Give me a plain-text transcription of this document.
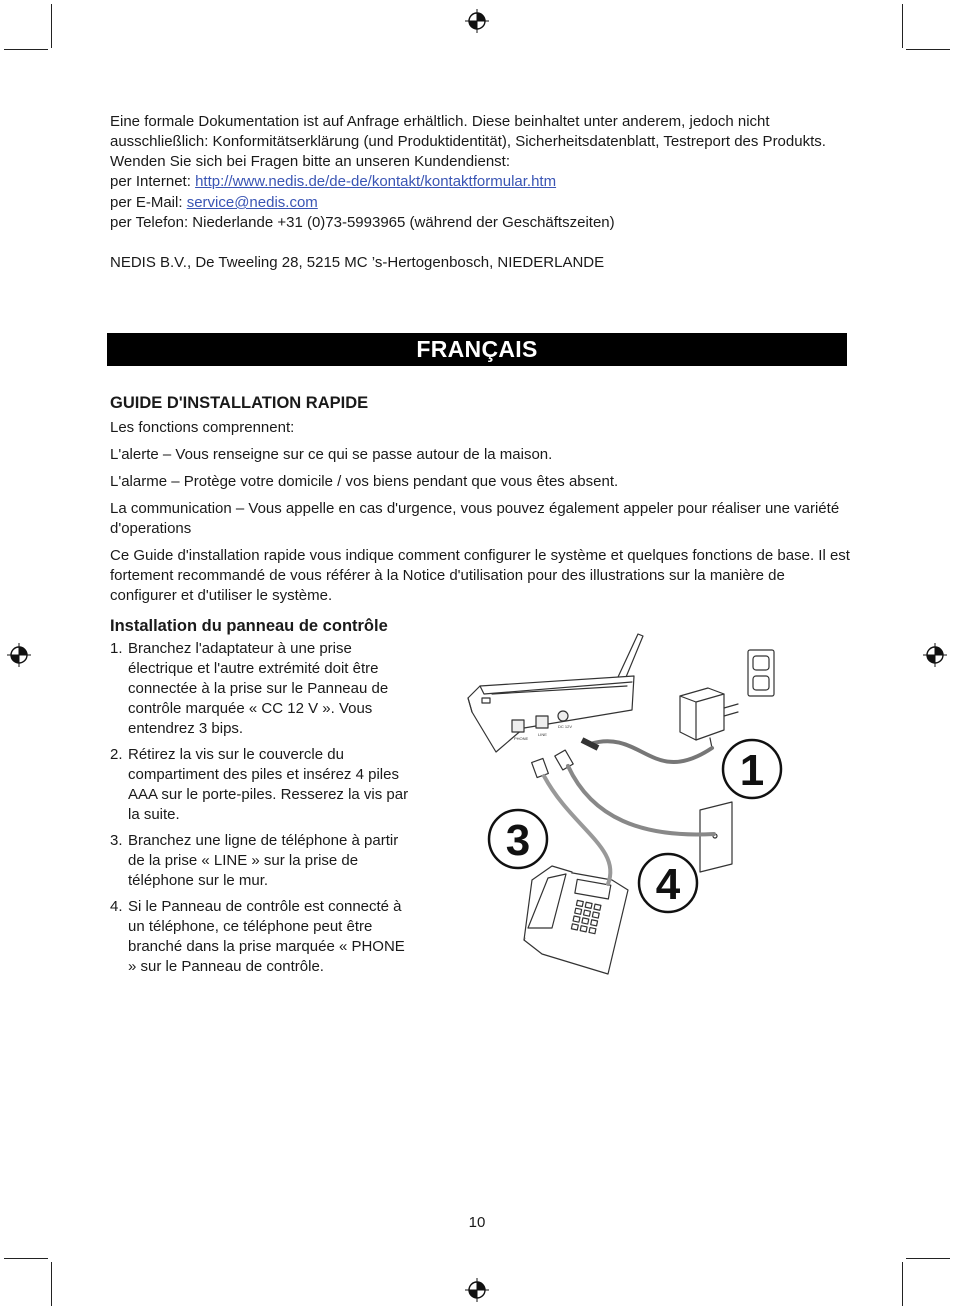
Eine formale Dokumentation ist auf Anfrage erhältlich. Diese beinhaltet unter anderem, jedoch nicht ausschließlich: Konformitätserklärung (und Produktidentität), Sicherheitsdatenblatt, Testreport des Produkts.

Wenden Sie sich bei Fragen bitte an unseren Kundendienst:

per Internet: http://www.nedis.de/de-de/kontakt/kontaktformular.htm

per E-Mail: service@nedis.com

per Telefon: Niederlande +31 (0)73-5993965 (während der Geschäftszeiten)

NEDIS B.V., De Tweeling 28, 5215 MC ’s-Hertogenbosch, NIEDERLANDE

FRANÇAIS
GUIDE D'INSTALLATION RAPIDE

Les fonctions comprennent:

L'alerte – Vous renseigne sur ce qui se passe autour de la maison.

L'alarme – Protège votre domicile / vos biens pendant que vous êtes absent.

La communication – Vous appelle en cas d'urgence, vous pouvez également appeler pour réaliser une variété d'operations

Ce Guide d'installation rapide vous indique comment configurer le système et quelques fonctions de base. Il est fortement recommandé de vous référer à la Notice d'utilisation pour des illustrations sur la manière de configurer et d'utiliser le système.

Installation du panneau de contrôle
1. Branchez l'adaptateur à une prise électrique et l'autre extrémité doit être connectée à la prise sur le Panneau de contrôle marquée « CC 12 V ». Vous entendrez 3 bips.
2. Rétirez la vis sur le couvercle du compartiment des piles et insérez 4 piles AAA sur le porte-piles. Resserez la vis par la suite.
3. Branchez une ligne de téléphone à partir de la prise « LINE » sur la prise de téléphone sur le mur.
4. Si le Panneau de contrôle est connecté à un téléphone, ce téléphone peut être branché dans la prise marquée « PHONE » sur le Panneau de contrôle.
1
3
4
PHONE
LINE
DC 12V
10
